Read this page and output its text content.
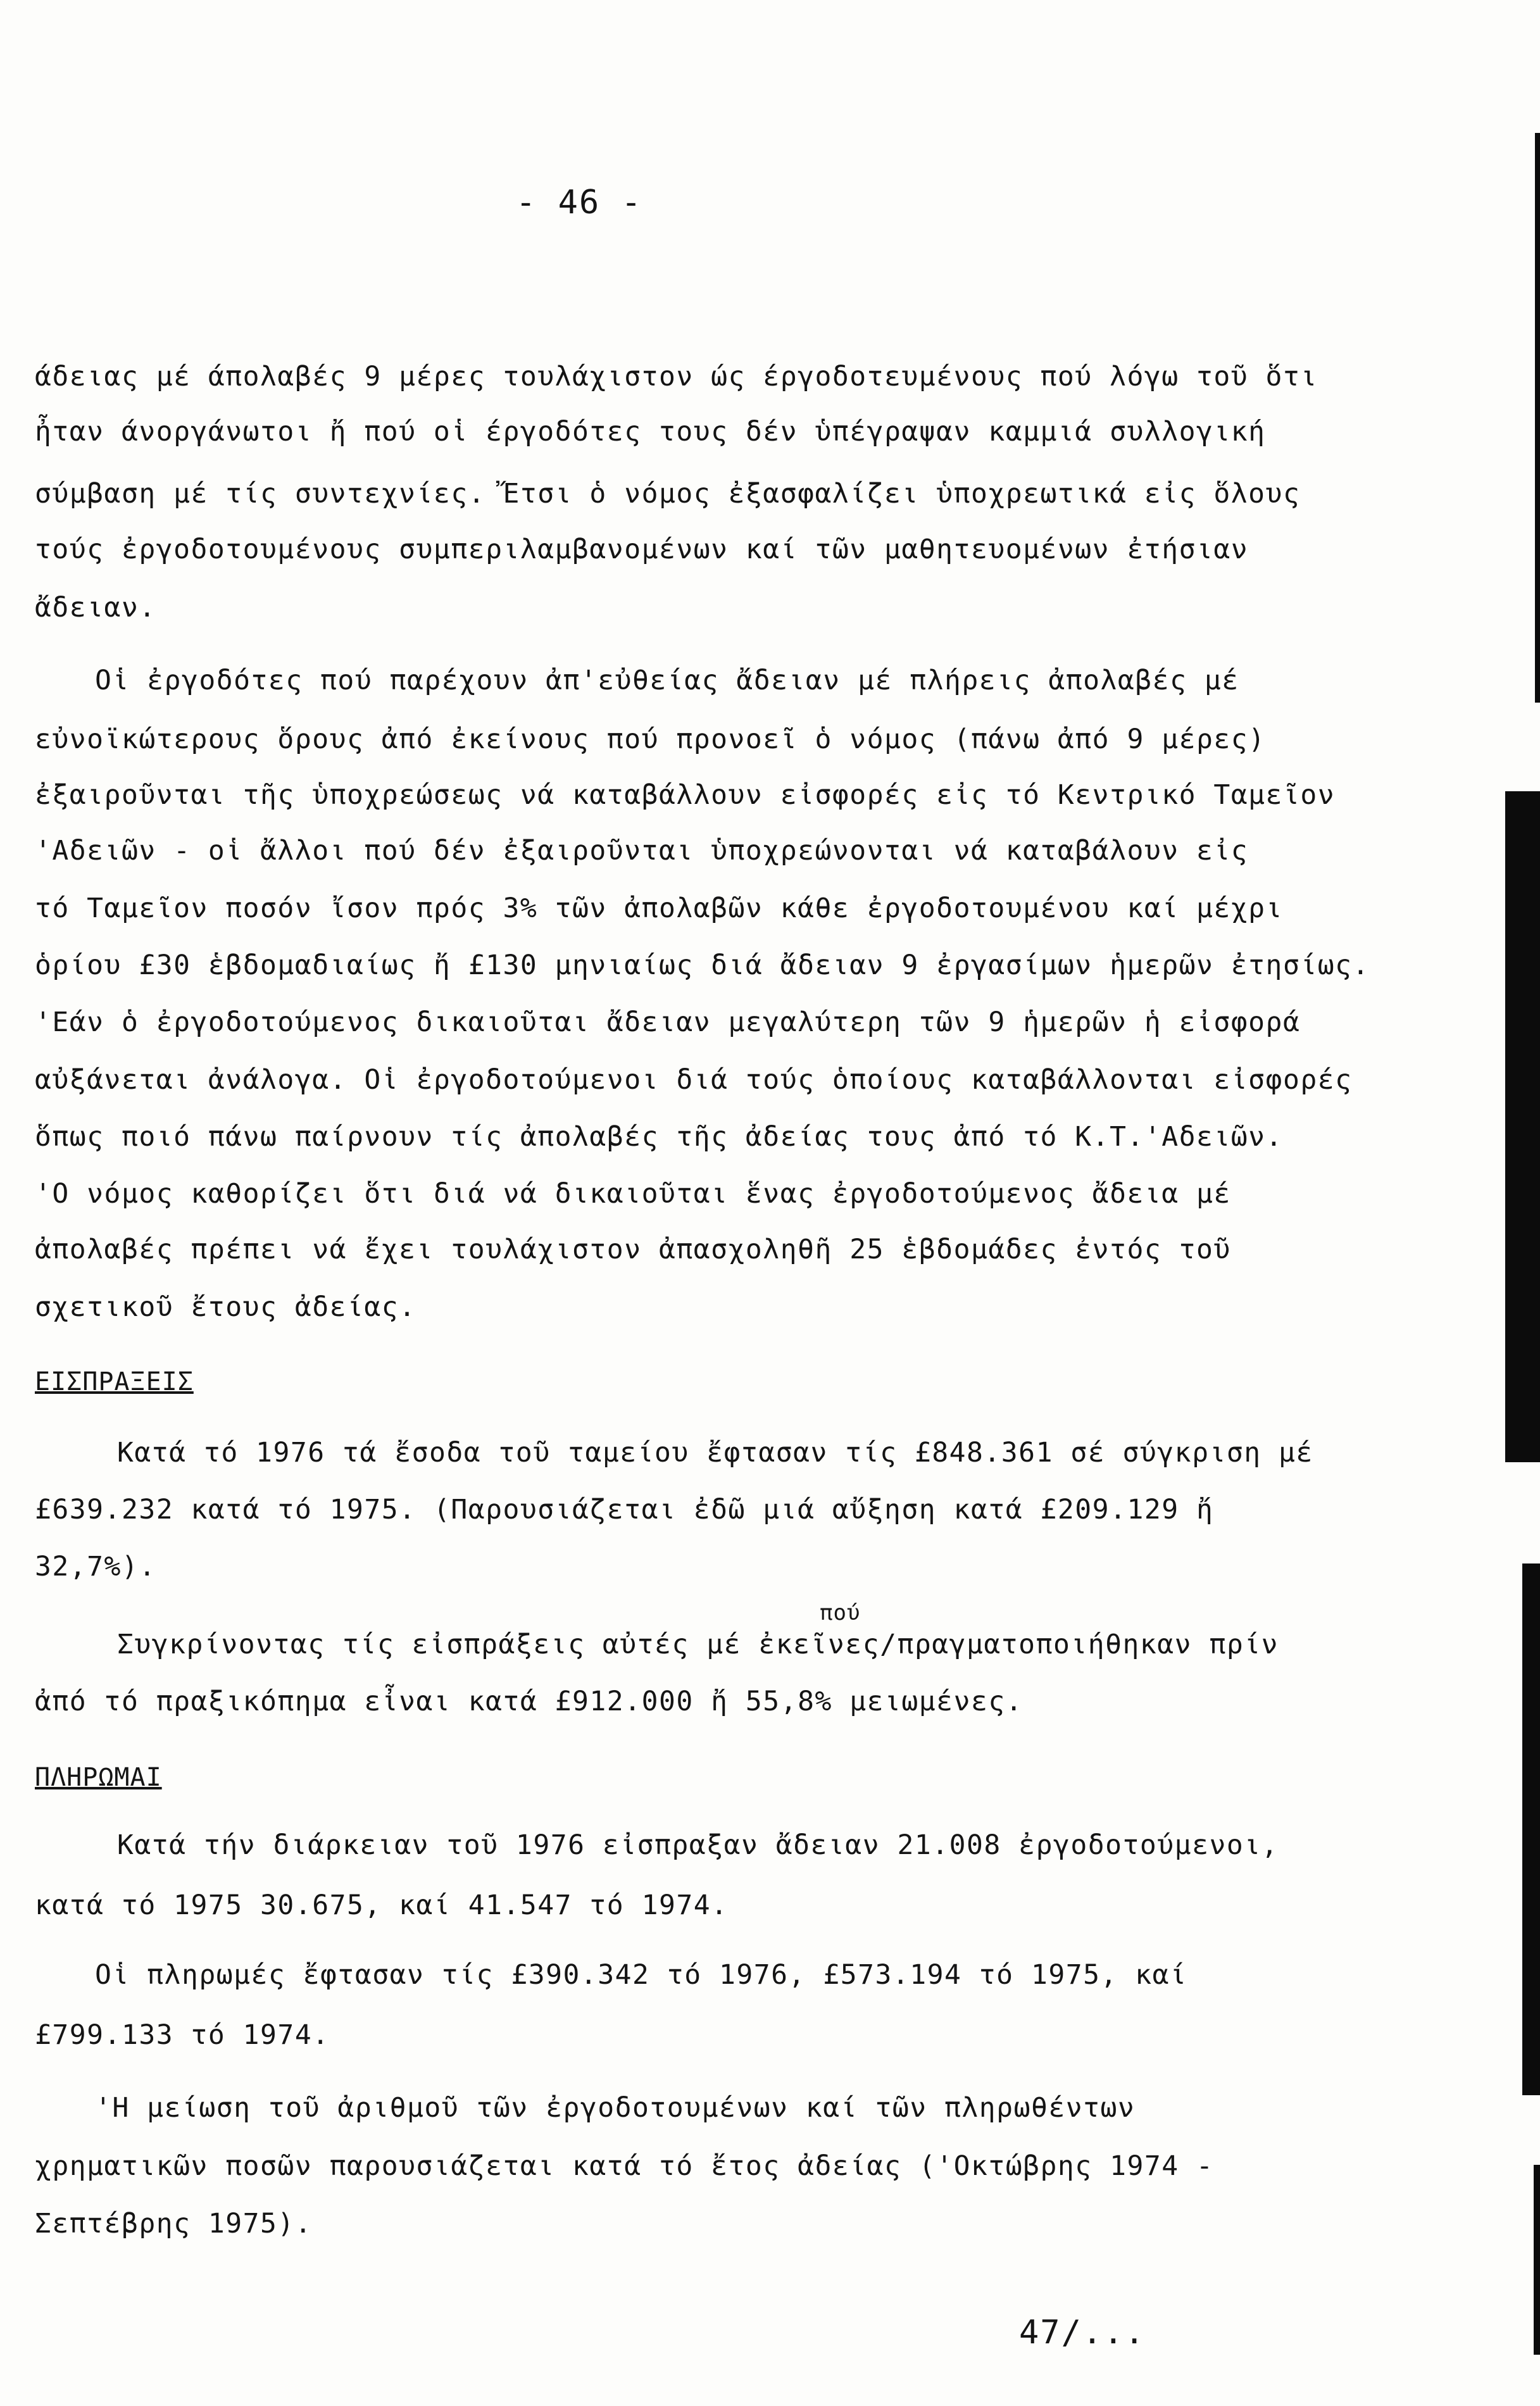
- 46 -
άδειας μέ άπολαβές 9 μέρες τουλάχιστον ώς έργοδοτευμένους πού λόγω τοῦ ὅτι
ἦταν άνοργάνωτοι ἤ πού οἱ έργοδότες τους δέν ὑπέγραψαν καμμιά συλλογική
σύμβαση μέ τίς συντεχνίες. Ἔτσι ὁ νόμος ἐξασφαλίζει ὑποχρεωτικά εἰς ὅλους
τούς ἐργοδοτουμένους συμπεριλαμβανομένων καί τῶν μαθητευομένων ἐτήσιαν
ἄδειαν.
Οἱ ἐργοδότες πού παρέχουν ἀπ'εὐθείας ἄδειαν μέ πλήρεις ἀπολαβές μέ
εὐνοϊκώτερους ὅρους ἀπό ἐκείνους πού προνοεῖ ὁ νόμος (πάνω ἀπό 9 μέρες)
ἐξαιροῦνται τῆς ὑποχρεώσεως νά καταβάλλουν εἰσφορές εἰς τό Κεντρικό Ταμεῖον
'Αδειῶν - οἱ ἄλλοι πού δέν ἐξαιροῦνται ὑποχρεώνονται νά καταβάλουν εἰς
τό Ταμεῖον ποσόν ἴσον πρός 3% τῶν ἀπολαβῶν κάθε ἐργοδοτουμένου καί μέχρι
ὁρίου £30 ἑβδομαδιαίως ἤ £130 μηνιαίως διά ἄδειαν 9 ἐργασίμων ἡμερῶν ἐτησίως.
'Εάν ὁ ἐργοδοτούμενος δικαιοῦται ἄδειαν μεγαλύτερη τῶν 9 ἡμερῶν ἡ εἰσφορά
αὐξάνεται ἀνάλογα. Οἱ ἐργοδοτούμενοι διά τούς ὁποίους καταβάλλονται εἰσφορές
ὅπως ποιό πάνω παίρνουν τίς ἀπολαβές τῆς ἀδείας τους ἀπό τό Κ.Τ.'Αδειῶν.
'Ο νόμος καθορίζει ὅτι διά νά δικαιοῦται ἕνας ἐργοδοτούμενος ἄδεια μέ
ἀπολαβές πρέπει νά ἔχει τουλάχιστον ἀπασχοληθῆ 25 ἑβδομάδες ἐντός τοῦ
σχετικοῦ ἔτους ἀδείας.
ΕΙΣΠΡΑΞΕΙΣ
Κατά τό 1976 τά ἔσοδα τοῦ ταμείου ἔφτασαν τίς £848.361 σέ σύγκριση μέ
£639.232 κατά τό 1975. (Παρουσιάζεται ἐδῶ μιά αὔξηση κατά £209.129 ἤ
32,7%).
πού
Συγκρίνοντας τίς εἰσπράξεις αὐτές μέ ἐκεῖνες/πραγματοποιήθηκαν πρίν
ἀπό τό πραξικόπημα εἶναι κατά £912.000 ἤ 55,8% μειωμένες.
ΠΛΗΡΩΜΑΙ
Κατά τήν διάρκειαν τοῦ 1976 εἰσπραξαν ἄδειαν 21.008 ἐργοδοτούμενοι,
κατά τό 1975 30.675, καί 41.547 τό 1974.
Οἱ πληρωμές ἔφτασαν τίς £390.342 τό 1976, £573.194 τό 1975, καί
£799.133 τό 1974.
'Η μείωση τοῦ ἀριθμοῦ τῶν ἐργοδοτουμένων καί τῶν πληρωθέντων
χρηματικῶν ποσῶν παρουσιάζεται κατά τό ἔτος ἀδείας ('Οκτώβρης 1974 -
Σεπτέβρης 1975).
47/...
